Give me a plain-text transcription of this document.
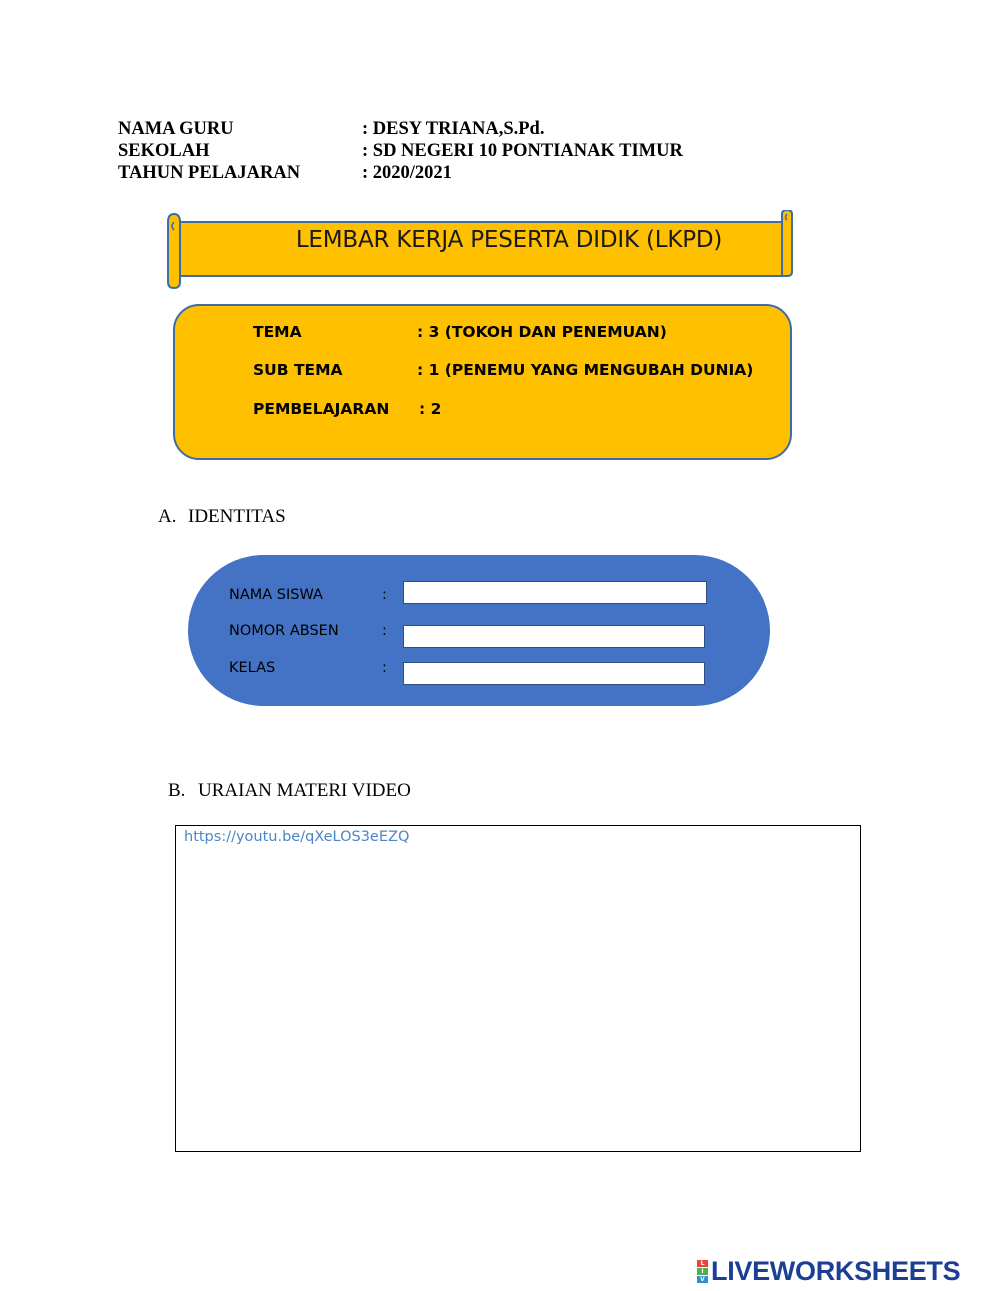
NAMA GURU	: DESY TRIANA,S.Pd.
SEKOLAH	: SD NEGERI 10 PONTIANAK TIMUR
TAHUN PELAJARAN	: 2020/2021
LEMBAR KERJA PESERTA DIDIK (LKPD)
TEMA	: 3 (TOKOH DAN PENEMUAN)
SUB TEMA	: 1 (PENEMU YANG MENGUBAH DUNIA)
PEMBELAJARAN	: 2
A. IDENTITAS
NAMA SISWA	:
NOMOR ABSEN	:
KELAS	:
B. URAIAN MATERI VIDEO
https://youtu.be/qXeLOS3eEZQ
L
I
V LIVEWORKSHEETS
